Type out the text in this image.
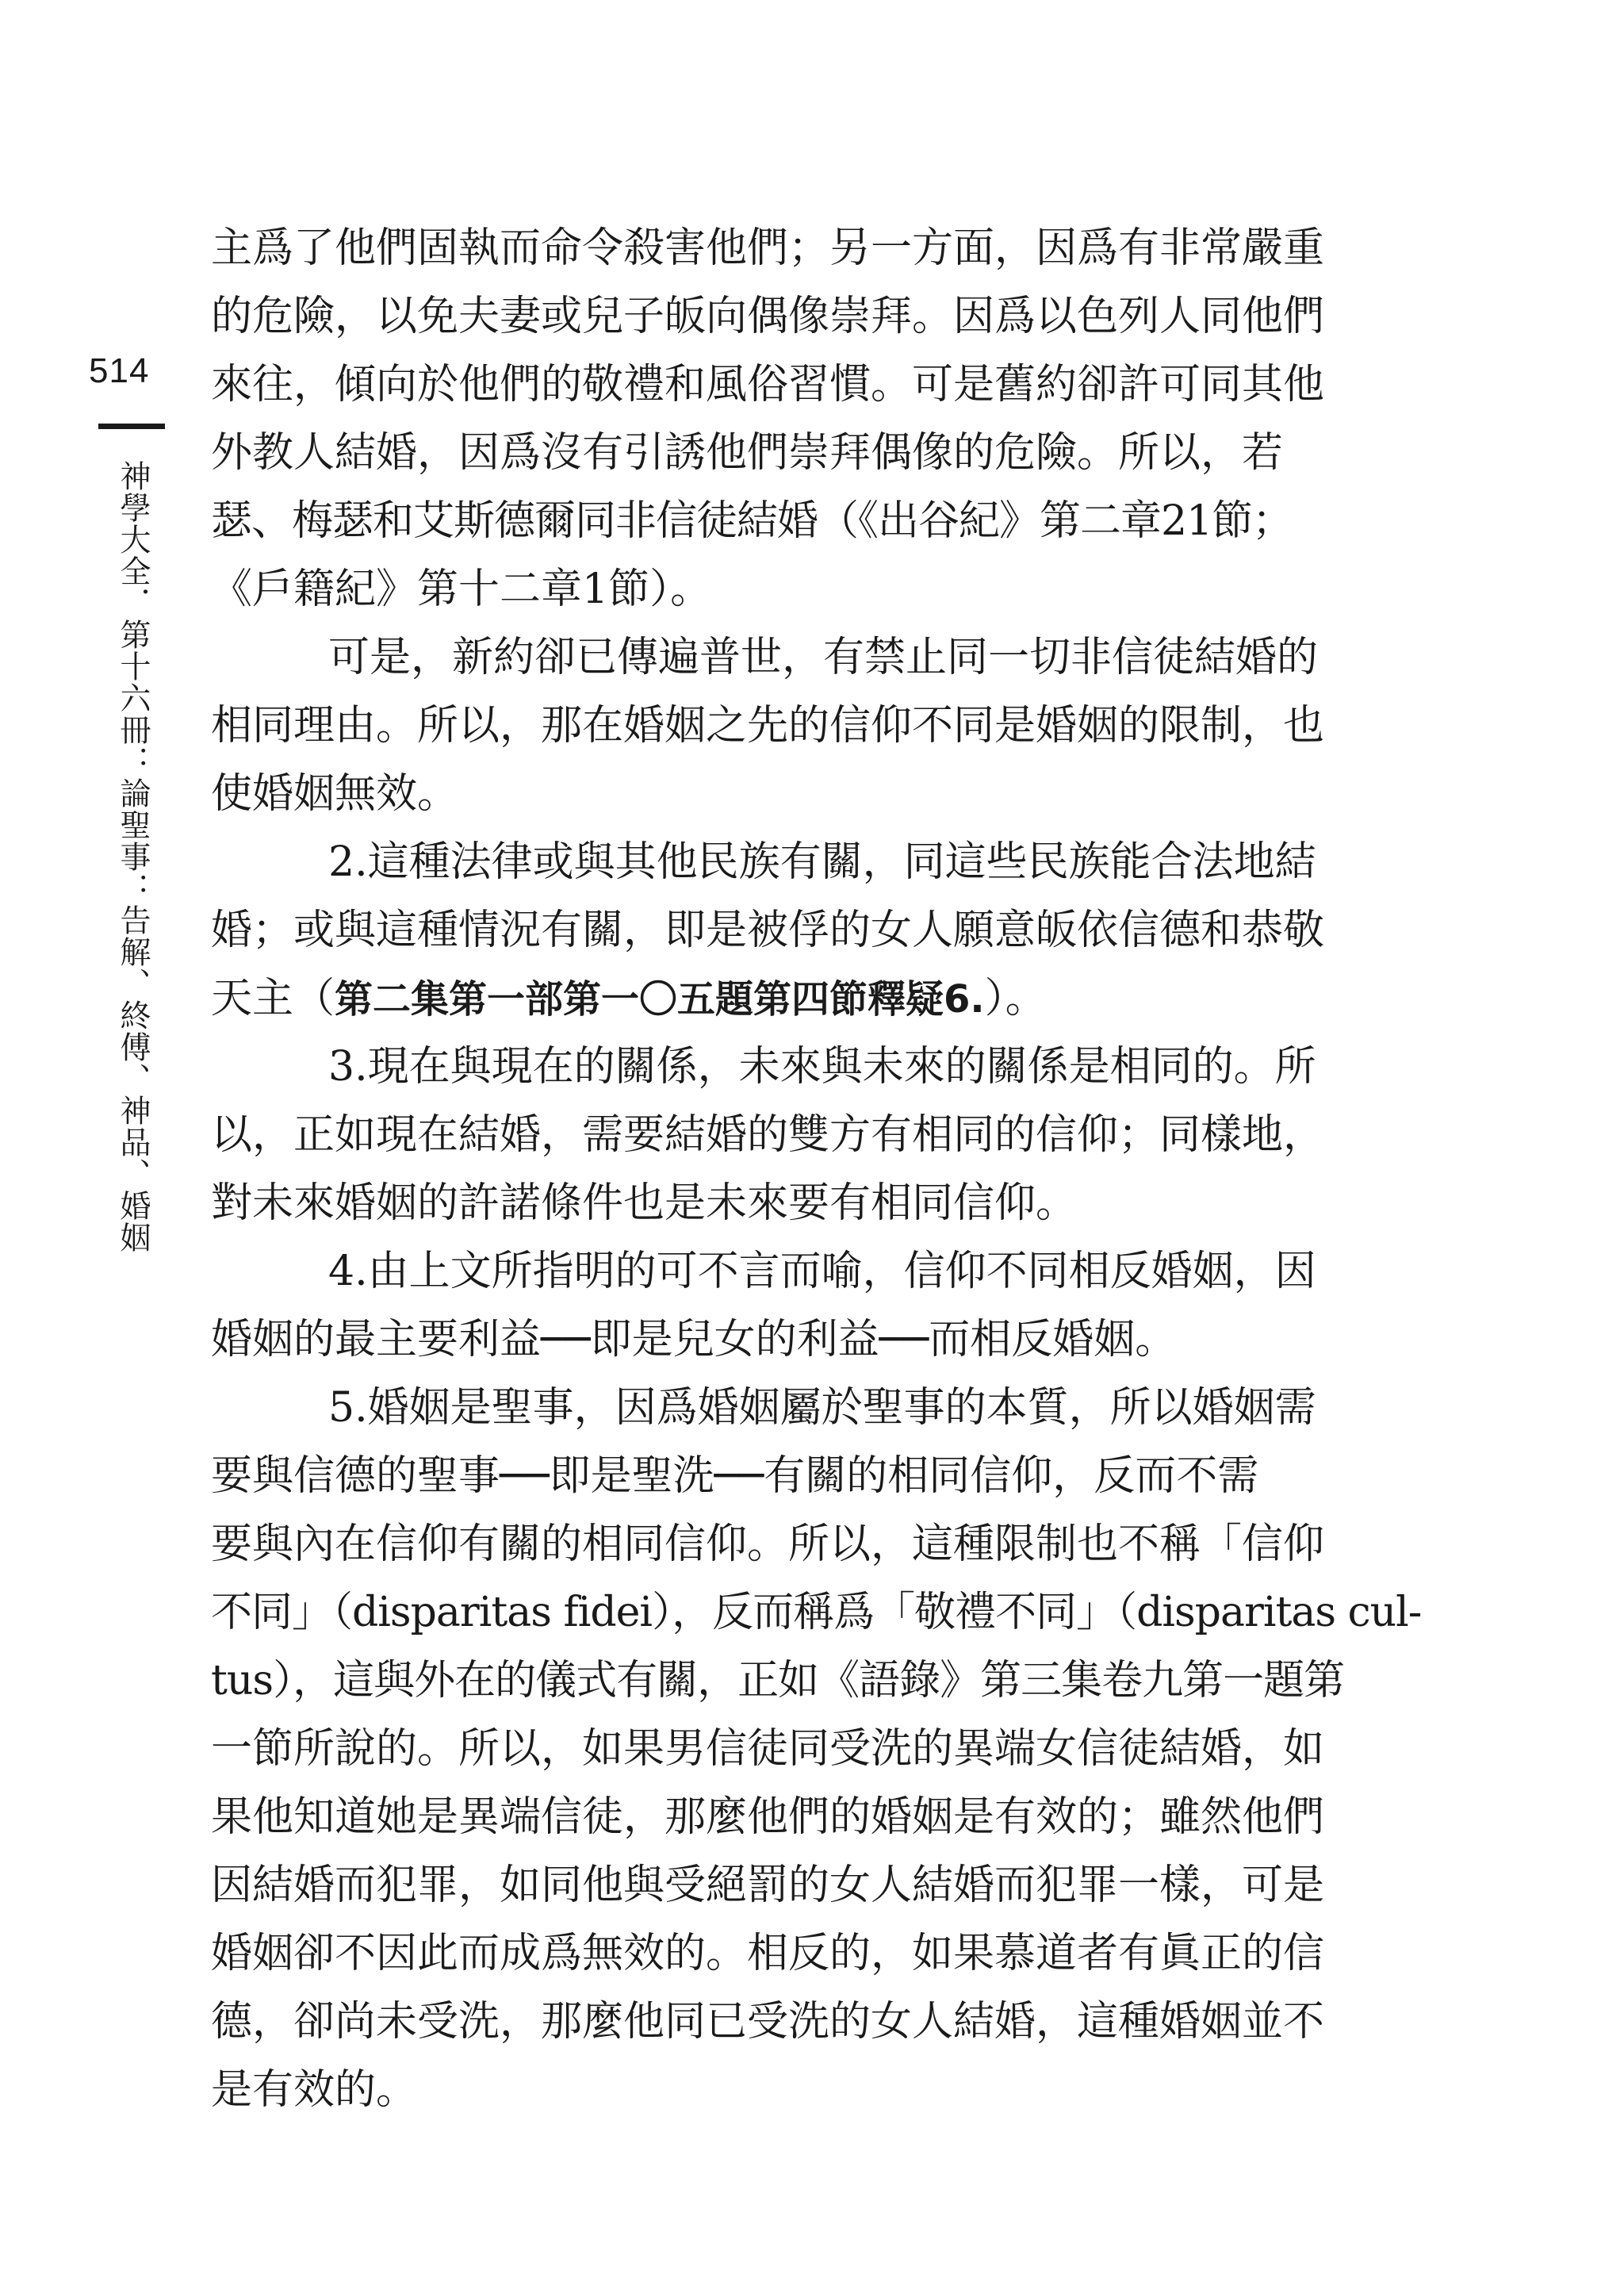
514
神學大全．第十六冊：論聖事：告解、終傅、神品、婚姻
主爲了他們固執而命令殺害他們；另一方面，因爲有非常嚴重
的危險，以免夫妻或兒子皈向偶像崇拜。因爲以色列人同他們
來往，傾向於他們的敬禮和風俗習慣。可是舊約卻許可同其他
外教人結婚，因爲沒有引誘他們崇拜偶像的危險。所以，若
瑟、梅瑟和艾斯德爾同非信徒結婚（《出谷紀》第二章21節；
《戶籍紀》第十二章1節）。
可是，新約卻已傳遍普世，有禁止同一切非信徒結婚的
相同理由。所以，那在婚姻之先的信仰不同是婚姻的限制，也
使婚姻無效。
2.這種法律或與其他民族有關，同這些民族能合法地結
婚；或與這種情況有關，即是被俘的女人願意皈依信德和恭敬
天主（第二集第一部第一〇五題第四節釋疑6.）。
3.現在與現在的關係，未來與未來的關係是相同的。所
以，正如現在結婚，需要結婚的雙方有相同的信仰；同樣地，
對未來婚姻的許諾條件也是未來要有相同信仰。
4.由上文所指明的可不言而喻，信仰不同相反婚姻，因
婚姻的最主要利益──即是兒女的利益──而相反婚姻。
5.婚姻是聖事，因爲婚姻屬於聖事的本質，所以婚姻需
要與信德的聖事──即是聖洗──有關的相同信仰，反而不需
要與內在信仰有關的相同信仰。所以，這種限制也不稱「信仰
不同」（disparitas fidei），反而稱爲「敬禮不同」（disparitas cul-
tus），這與外在的儀式有關，正如《語錄》第三集卷九第一題第
一節所說的。所以，如果男信徒同受洗的異端女信徒結婚，如
果他知道她是異端信徒，那麼他們的婚姻是有效的；雖然他們
因結婚而犯罪，如同他與受絕罰的女人結婚而犯罪一樣，可是
婚姻卻不因此而成爲無效的。相反的，如果慕道者有眞正的信
德，卻尚未受洗，那麼他同已受洗的女人結婚，這種婚姻並不
是有效的。
